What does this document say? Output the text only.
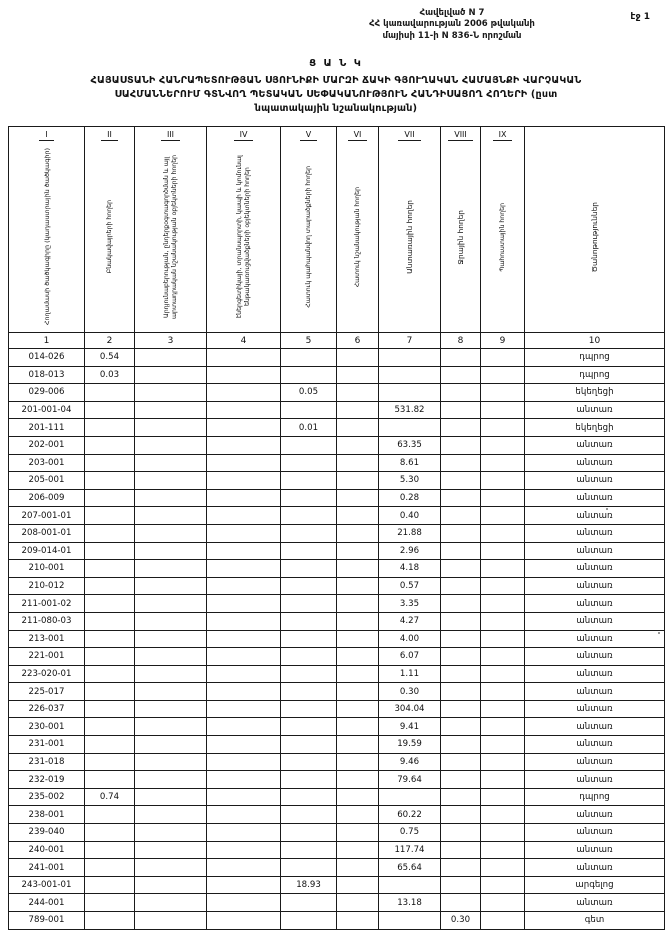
Հավելված N 7
ՀՀ կառավարության 2006 թվականի
մայիսի 11-ի N 836-Ն որոշման
էջ 1
Ց Ա Ն Կ
ՀԱՅԱՍՏԱՆԻ ՀԱՆՐԱՊԵՏՈՒԹՅԱՆ ՍՅՈՒՆԻՔԻ ՄԱՐԶԻ ՃԱԿԻ ԳՅՈՒՂԱԿԱՆ ՀԱՄԱՅՆՔԻ ՎԱՐՉԱԿԱՆ
ՍԱՀՄԱՆՆԵՐՈՒՄ ԳՏՆՎՈՂ ՊԵՏԱԿԱՆ ՍԵՓԱԿԱՆՈՒԹՅՈՒՆ ՀԱՆԴԻՍԱՑՈՂ ՀՈՂԵՐԻ (ըստ
նպատակային նշանակության)
I	II	III	IV	V	VI	VII	VIII	IX	

Հողամասի ծածկագիրը (կադաստրային ծածկագիր)	Բնակավայրերի հողեր	Արդյունաբերության, ընդերքօգտագործման և այլ արտադրական նշանակության օբյեկտների հողեր	էներգետիկայի, տրանսպորտի, կապի և կոմունալ ենթակառուցվածքների օբյեկտների հողեր	Հատուկ պահպանվող տարածքների հողեր	Հատուկ նշանակության հողեր	Անտառային հողեր	Ջրային հողեր	Պահուստային հողեր	Ծանոթություններ

1	2	3	4	5	6	7	8	9	10
014-026	0.54								դպրոց
018-013	0.03								դպրոց
029-006				0.05					եկեղեցի
201-001-04						531.82			անտառ
201-111				0.01					եկեղեցի
202-001						63.35			անտառ
203-001						8.61			անտառ
205-001						5.30			անտառ
206-009						0.28			անտառ
207-001-01						0.40			անտառ
208-001-01						21.88			անտառ
209-014-01						2.96			անտառ
210-001						4.18			անտառ
210-012						0.57			անտառ
211-001-02						3.35			անտառ
211-080-03						4.27			անտառ
213-001						4.00			անտառ
221-001						6.07			անտառ
223-020-01						1.11			անտառ
225-017						0.30			անտառ
226-037						304.04			անտառ
230-001						9.41			անտառ
231-001						19.59			անտառ
231-018						9.46			անտառ
232-019						79.64			անտառ
235-002	0.74								դպրոց
238-001						60.22			անտառ
239-040						0.75			անտառ
240-001						117.74			անտառ
241-001						65.64			անտառ
243-001-01				18.93					արգելոց
244-001						13.18			անտառ
789-001							0.30		գետ
